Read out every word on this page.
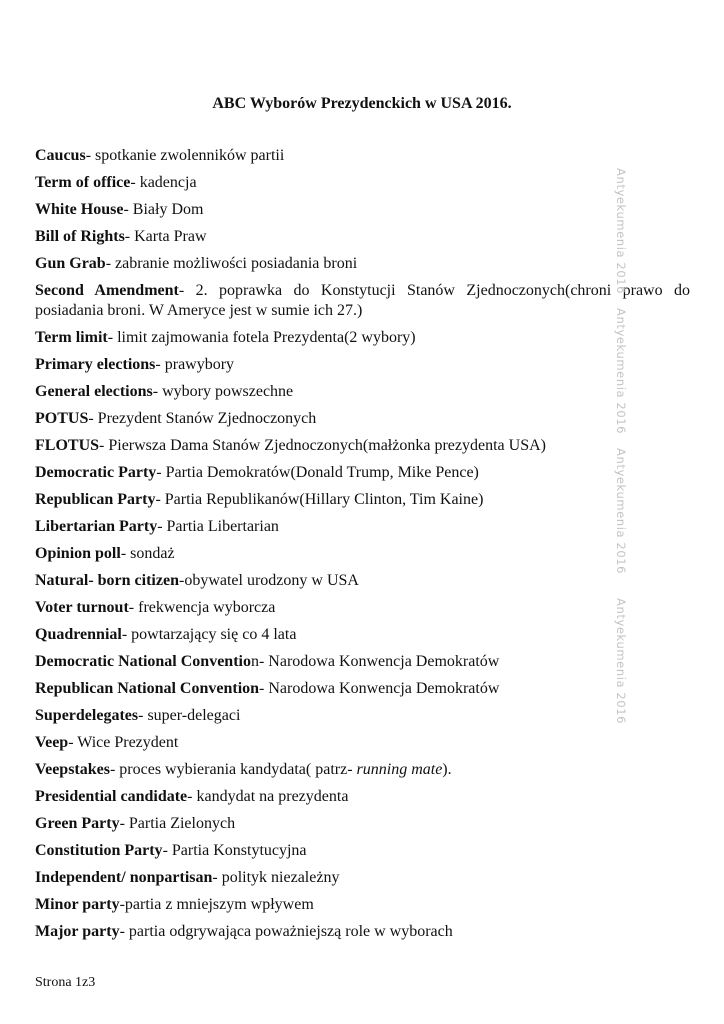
ABC Wyborów Prezydenckich w USA 2016.
Caucus- spotkanie zwolenników partii
Term of office- kadencja
White House- Biały Dom
Bill of Rights- Karta Praw
Gun Grab- zabranie możliwości posiadania broni
Second Amendment- 2. poprawka do Konstytucji Stanów Zjednoczonych(chroni prawo do posiadania broni. W Ameryce jest w sumie ich 27.)
Term limit- limit zajmowania fotela Prezydenta(2 wybory)
Primary elections- prawybory
General elections- wybory powszechne
POTUS- Prezydent Stanów Zjednoczonych
FLOTUS- Pierwsza Dama Stanów Zjednoczonych(małżonka prezydenta USA)
Democratic Party- Partia Demokratów(Donald Trump, Mike Pence)
Republican Party- Partia Republikanów(Hillary Clinton, Tim Kaine)
Libertarian Party- Partia Libertarian
Opinion poll- sondaż
Natural- born citizen-obywatel urodzony w USA
Voter turnout- frekwencja wyborcza
Quadrennial- powtarzający się co 4 lata
Democratic National Convention- Narodowa Konwencja Demokratów
Republican National Convention- Narodowa Konwencja Demokratów
Superdelegates- super-delegaci
Veep- Wice Prezydent
Veepstakes- proces wybierania kandydata( patrz- running mate).
Presidential candidate- kandydat na prezydenta
Green Party- Partia Zielonych
Constitution Party- Partia Konstytucyjna
Independent/ nonpartisan- polityk niezależny
Minor party-partia z mniejszym wpływem
Major party- partia odgrywająca poważniejszą role w wyborach
Antyekumenia 2016
Antyekumenia 2016
Antyekumenia 2016
Antyekumenia 2016
Strona 1z3
